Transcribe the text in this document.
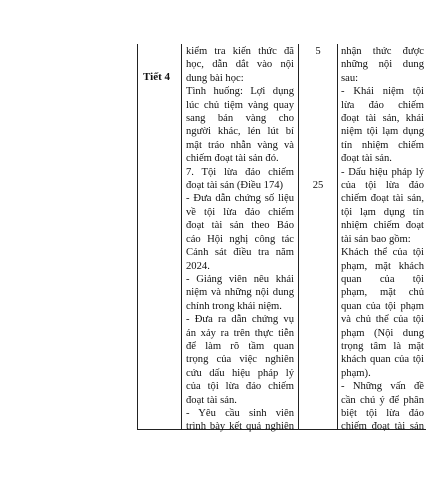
Tiết 4
5
25
kiểm tra kiến thức đã
học, dẫn dắt vào nội
dung bài học:
Tình huống: Lợi dụng
lúc chủ tiệm vàng quay
sang bán vàng cho
người khác, lén lút bí
mật tráo nhẫn vàng và
chiếm đoạt tài sản đó.
7. Tội lừa đảo chiếm
đoạt tài sản (Điều 174)
- Đưa dẫn chứng số liệu
về tội lừa đảo chiếm
đoạt tài sản theo Báo
cáo Hội nghị công tác
Cảnh sát điều tra năm
2024.
- Giảng viên nêu khái
niệm và những nội dung
chính trong khái niệm.
- Đưa ra dẫn chứng vụ
án xảy ra trên thực tiễn
để làm rõ tầm quan
trọng của việc nghiên
cứu dấu hiệu pháp lý
của tội lừa đảo chiếm
đoạt tài sản.
- Yêu cầu sinh viên
trình bày kết quả nghiên
nhận thức được
những nội dung
sau:
- Khái niệm tội
lừa đảo chiếm
đoạt tài sản, khái
niệm tội lạm dụng
tín nhiệm chiếm
đoạt tài sản.
- Dấu hiệu pháp lý
của tội lừa đảo
chiếm đoạt tài sản,
tội lạm dụng tín
nhiệm chiếm đoạt
tài sản bao gồm:
Khách thể của tội
phạm, mặt khách
quan của tội
phạm, mặt chủ
quan của tội phạm
và chủ thể của tội
phạm (Nội dung
trọng tâm là mặt
khách quan của tội
phạm).
- Những vấn đề
cần chú ý để phân
biệt tội lừa đảo
chiếm đoạt tài sản
